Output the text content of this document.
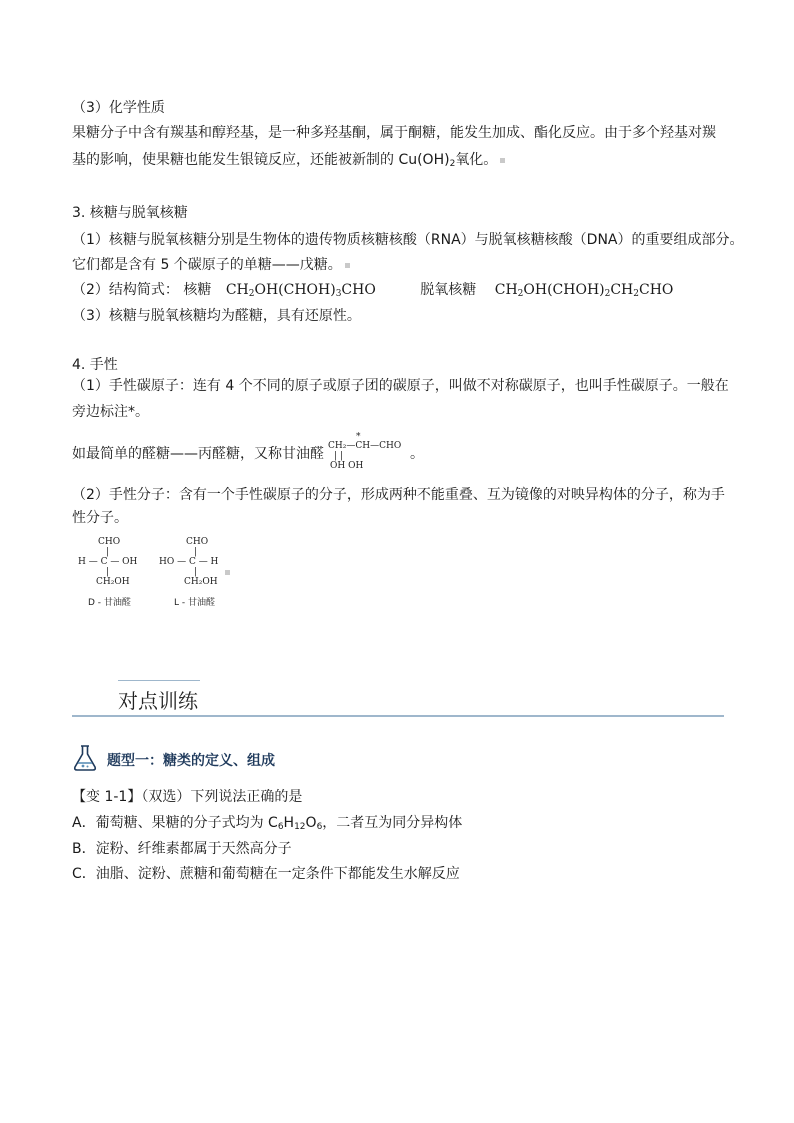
（3）化学性质
果糖分子中含有羰基和醇羟基，是一种多羟基酮，属于酮糖，能发生加成、酯化反应。由于多个羟基对羰
基的影响，使果糖也能发生银镜反应，还能被新制的 $Cu(OH)_2$氧化。
3. 核糖与脱氧核糖
（1）核糖与脱氧核糖分别是生物体的遗传物质核糖核酸（RNA）与脱氧核糖核酸（DNA）的重要组成部分。
它们都是含有 5 个碳原子的单糖——戊糖。
（2）结构简式： 核糖 $CH_2OH(CHOH)_3CHO$	脱氧核糖 $CH_2OH(CHOH)_2CH_2CHO$
（3）核糖与脱氧核糖均为醛糖，具有还原性。
4. 手性
（1）手性碳原子：连有 4 个不同的原子或原子团的碳原子，叫做不对称碳原子，也叫手性碳原子。一般在
旁边标注*。
如最简单的醛糖——丙醛糖，又称甘油醛
*
CH₂—CH—CHO
| |
OH OH
。
（2）手性分子：含有一个手性碳原子的分子，形成两种不能重叠、互为镜像的对映异构体的分子，称为手
性分子。
CHO
|
H — C — OH
|
CH₂OH
D - 甘油醛
CHO
|
HO — C — H
|
CH₂OH
L - 甘油醛
对点训练
题型一：糖类的定义、组成
【变 1-1】（双选）下列说法正确的是
A．葡萄糖、果糖的分子式均为 $C_6H_{12}O_6$，二者互为同分异构体
B．淀粉、纤维素都属于天然高分子
C．油脂、淀粉、蔗糖和葡萄糖在一定条件下都能发生水解反应
